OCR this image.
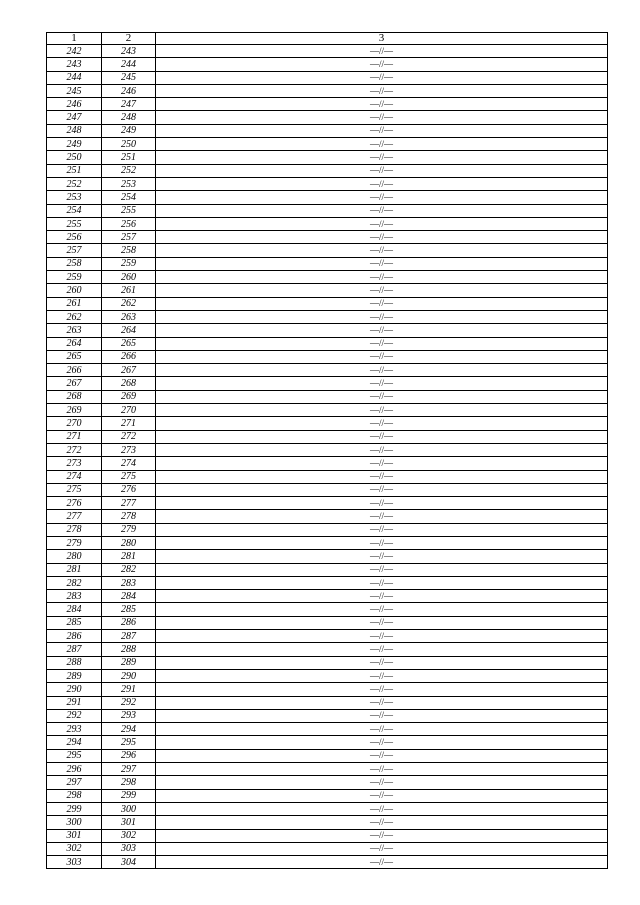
1	2	3
242	243	—//—
243	244	—//—
244	245	—//—
245	246	—//—
246	247	—//—
247	248	—//—
248	249	—//—
249	250	—//—
250	251	—//—
251	252	—//—
252	253	—//—
253	254	—//—
254	255	—//—
255	256	—//—
256	257	—//—
257	258	—//—
258	259	—//—
259	260	—//—
260	261	—//—
261	262	—//—
262	263	—//—
263	264	—//—
264	265	—//—
265	266	—//—
266	267	—//—
267	268	—//—
268	269	—//—
269	270	—//—
270	271	—//—
271	272	—//—
272	273	—//—
273	274	—//—
274	275	—//—
275	276	—//—
276	277	—//—
277	278	—//—
278	279	—//—
279	280	—//—
280	281	—//—
281	282	—//—
282	283	—//—
283	284	—//—
284	285	—//—
285	286	—//—
286	287	—//—
287	288	—//—
288	289	—//—
289	290	—//—
290	291	—//—
291	292	—//—
292	293	—//—
293	294	—//—
294	295	—//—
295	296	—//—
296	297	—//—
297	298	—//—
298	299	—//—
299	300	—//—
300	301	—//—
301	302	—//—
302	303	—//—
303	304	—//—
